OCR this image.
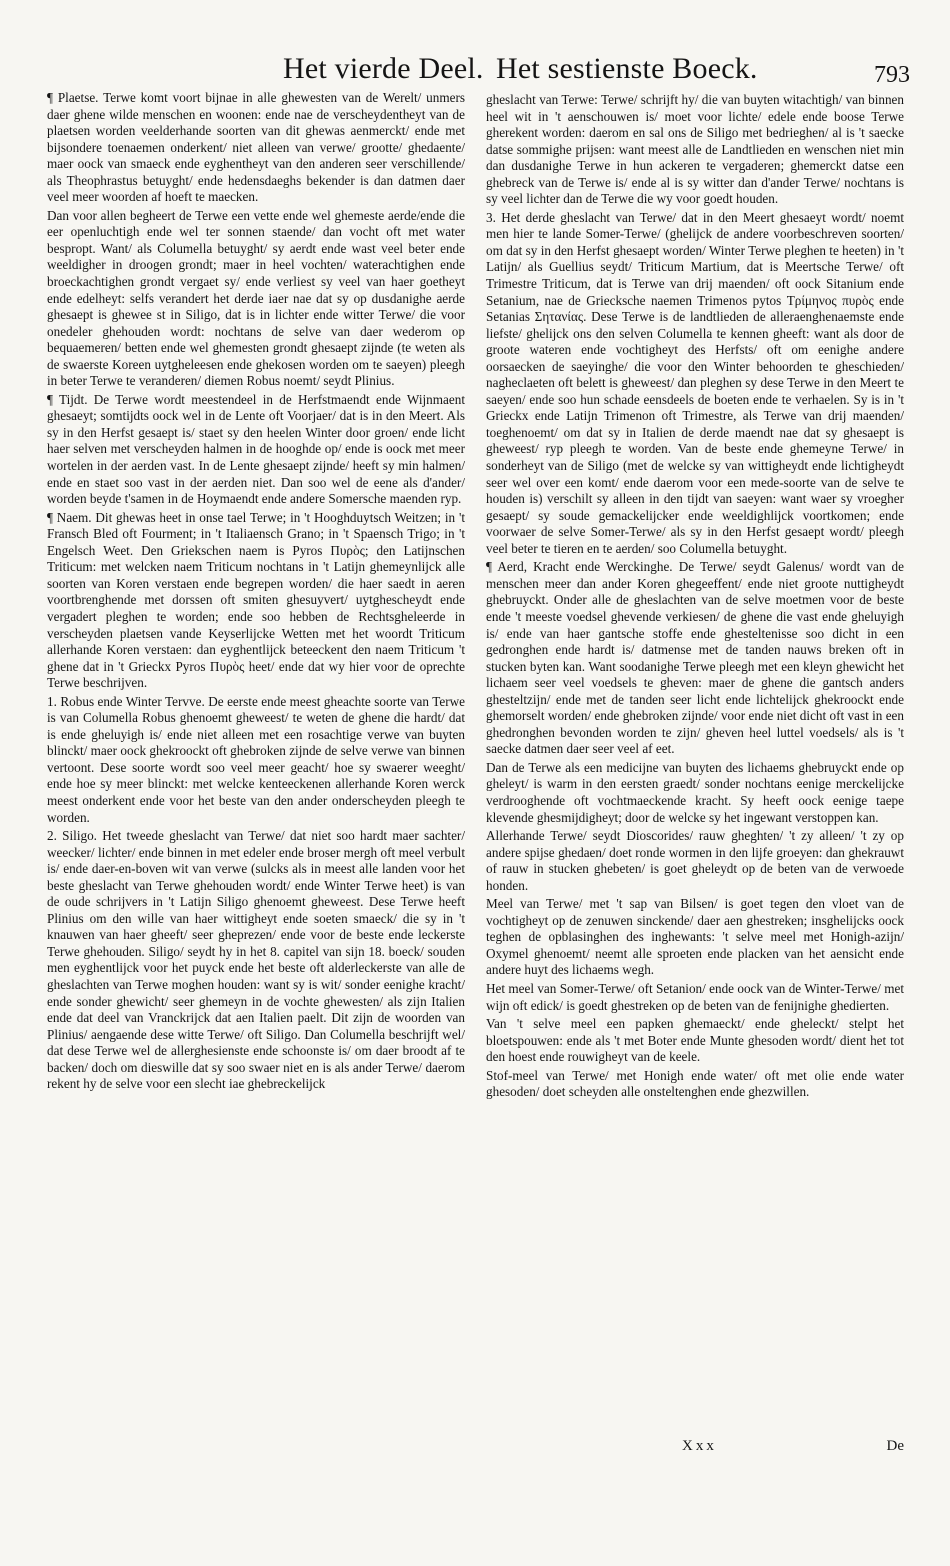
Het vierde Deel. Het sestienste Boeck.	793

¶ Plaetse. Terwe komt voort bijnae in alle ghewesten van de Werelt/ unmers daer ghene wilde menschen en woonen: ende nae de verscheydentheyt van de plaetsen worden veelderhande soorten van dit ghewas aenmerckt/ ende met bijsondere toenaemen onderkent/ niet alleen van verwe/ grootte/ ghedaente/ maer oock van smaeck ende eyghentheyt van den anderen seer verschillende/ als Theophrastus betuyght/ ende hedensdaeghs bekender is dan datmen daer veel meer woorden af hoeft te maecken.

Dan voor allen begheert de Terwe een vette ende wel ghemeste aerde/ende die eer openluchtigh ende wel ter sonnen staende/ dan vocht oft met water bespropt. Want/ als Columella betuyght/ sy aerdt ende wast veel beter ende weeldigher in droogen grondt; maer in heel vochten/ waterachtighen ende broeckachtighen grondt vergaet sy/ ende verliest sy veel van haer goetheyt ende edelheyt: selfs verandert het derde iaer nae dat sy op dusdanighe aerde ghesaept is ghewee st in Siligo, dat is in lichter ende witter Terwe/ die voor onedeler ghehouden wordt: nochtans de selve van daer wederom op bequaemeren/ betten ende wel ghemesten grondt ghesaept zijnde (te weten als de swaerste Koreen uytgheleesen ende ghekosen worden om te saeyen) pleegh in beter Terwe te veranderen/ diemen Robus noemt/ seydt Plinius.

¶ Tijdt. De Terwe wordt meestendeel in de Herfstmaendt ende Wijnmaent ghesaeyt; somtijdts oock wel in de Lente oft Voorjaer/ dat is in den Meert. Als sy in den Herfst gesaept is/ staet sy den heelen Winter door groen/ ende licht haer selven met verscheyden halmen in de hooghde op/ ende is oock met meer wortelen in der aerden vast. In de Lente ghesaept zijnde/ heeft sy min halmen/ ende en staet soo vast in der aerden niet. Dan soo wel de eene als d'ander/ worden beyde t'samen in de Hoymaendt ende andere Somersche maenden ryp.

¶ Naem. Dit ghewas heet in onse tael Terwe; in 't Hooghduytsch Weitzen; in 't Fransch Bled oft Fourment; in 't Italiaensch Grano; in 't Spaensch Trigo; in 't Engelsch Weet. Den Griekschen naem is Pyros Πυρὸς; den Latijnschen Triticum: met welcken naem Triticum nochtans in 't Latijn ghemeynlijck alle soorten van Koren verstaen ende begrepen worden/ die haer saedt in aeren voortbrenghende met dorssen oft smiten ghesuyvert/ uytghescheydt ende vergadert pleghen te worden; ende soo hebben de Rechtsgheleerde in verscheyden plaetsen vande Keyserlijcke Wetten met het woordt Triticum allerhande Koren verstaen: dan eyghentlijck beteeckent den naem Triticum 't ghene dat in 't Grieckx Pyros Πυρὸς heet/ ende dat wy hier voor de oprechte Terwe beschrijven.

1. Robus ende Winter Tervve. De eerste ende meest gheachte soorte van Terwe is van Columella Robus ghenoemt gheweest/ te weten de ghene die hardt/ dat is ende gheluyigh is/ ende niet alleen met een rosachtige verwe van buyten blinckt/ maer oock ghekroockt oft ghebroken zijnde de selve verwe van binnen vertoont. Dese soorte wordt soo veel meer geacht/ hoe sy swaerer weeght/ ende hoe sy meer blinckt: met welcke kenteeckenen allerhande Koren werck meest onderkent ende voor het beste van den ander onderscheyden pleegh te worden.

2. Siligo. Het tweede gheslacht van Terwe/ dat niet soo hardt maer sachter/ weecker/ lichter/ ende binnen in met edeler ende broser mergh oft meel verbult is/ ende daer-en-boven wit van verwe (sulcks als in meest alle landen voor het beste gheslacht van Terwe ghehouden wordt/ ende Winter Terwe heet) is van de oude schrijvers in 't Latijn Siligo ghenoemt gheweest. Dese Terwe heeft Plinius om den wille van haer wittigheyt ende soeten smaeck/ die sy in 't knauwen van haer gheeft/ seer gheprezen/ ende voor de beste ende leckerste Terwe ghehouden. Siligo/ seydt hy in het 8. capitel van sijn 18. boeck/ souden men eyghentlijck voor het puyck ende het beste oft alderleckerste van alle de gheslachten van Terwe moghen houden: want sy is wit/ sonder eenighe kracht/ ende sonder ghewicht/ seer ghemeyn in de vochte ghewesten/ als zijn Italien ende dat deel van Vranckrijck dat aen Italien paelt. Dit zijn de woorden van Plinius/ aengaende dese witte Terwe/ oft Siligo. Dan Columella beschrijft wel/ dat dese Terwe wel de allerghesienste ende schoonste is/ om daer broodt af te backen/ doch om dieswille dat sy soo swaer niet en is als ander Terwe/ daerom rekent hy de selve voor een slecht iae ghebreckelijck

gheslacht van Terwe: Terwe/ schrijft hy/ die van buyten witachtigh/ van binnen heel wit in 't aenschouwen is/ moet voor lichte/ edele ende boose Terwe gherekent worden: daerom en sal ons de Siligo met bedrieghen/ al is 't saecke datse sommighe prijsen: want meest alle de Landtlieden en wenschen niet min dan dusdanighe Terwe in hun ackeren te vergaderen; ghemerckt datse een ghebreck van de Terwe is/ ende al is sy witter dan d'ander Terwe/ nochtans is sy veel lichter dan de Terwe die wy voor goedt houden.

3. Het derde gheslacht van Terwe/ dat in den Meert ghesaeyt wordt/ noemt men hier te lande Somer-Terwe/ (ghelijck de andere voorbeschreven soorten/ om dat sy in den Herfst ghesaept worden/ Winter Terwe pleghen te heeten) in 't Latijn/ als Guellius seydt/ Triticum Martium, dat is Meertsche Terwe/ oft Trimestre Triticum, dat is Terwe van drij maenden/ oft oock Sitanium ende Setanium, nae de Griecksche naemen Trimenos pytos Τρίμηνος πυρὸς ende Setanias Σητανίας. Dese Terwe is de landtlieden de alleraenghenaemste ende liefste/ ghelijck ons den selven Columella te kennen gheeft: want als door de groote wateren ende vochtigheyt des Herfsts/ oft om eenighe andere oorsaecken de saeyinghe/ die voor den Winter behoorden te gheschieden/ nagheclaeten oft belett is gheweest/ dan pleghen sy dese Terwe in den Meert te saeyen/ ende soo hun schade eensdeels de boeten ende te verhaelen. Sy is in 't Grieckx ende Latijn Trimenon oft Trimestre, als Terwe van drij maenden/ toeghenoemt/ om dat sy in Italien de derde maendt nae dat sy ghesaept is gheweest/ ryp pleegh te worden. Van de beste ende ghemeyne Terwe/ in sonderheyt van de Siligo (met de welcke sy van wittigheydt ende lichtigheydt seer wel over een komt/ ende daerom voor een mede-soorte van de selve te houden is) verschilt sy alleen in den tijdt van saeyen: want waer sy vroegher gesaept/ sy soude gemackelijcker ende weeldighlijck voortkomen; ende voorwaer de selve Somer-Terwe/ als sy in den Herfst gesaept wordt/ pleegh veel beter te tieren en te aerden/ soo Columella betuyght.

¶ Aerd, Kracht ende Werckinghe. De Terwe/ seydt Galenus/ wordt van de menschen meer dan ander Koren ghegeeffent/ ende niet groote nuttigheydt ghebruyckt. Onder alle de gheslachten van de selve moetmen voor de beste ende 't meeste voedsel ghevende verkiesen/ de ghene die vast ende gheluyigh is/ ende van haer gantsche stoffe ende ghesteltenisse soo dicht in een gedronghen ende hardt is/ datmense met de tanden nauws breken oft in stucken byten kan. Want soodanighe Terwe pleegh met een kleyn ghewicht het lichaem seer veel voedsels te gheven: maer de ghene die gantsch anders ghesteltzijn/ ende met de tanden seer licht ende lichtelijck ghekroockt ende ghemorselt worden/ ende ghebroken zijnde/ voor ende niet dicht oft vast in een ghedronghen bevonden worden te zijn/ gheven heel luttel voedsels/ als is 't saecke datmen daer seer veel af eet.

Dan de Terwe als een medicijne van buyten des lichaems ghebruyckt ende op gheleyt/ is warm in den eersten graedt/ sonder nochtans eenige merckelijcke verdrooghende oft vochtmaeckende kracht. Sy heeft oock eenige taepe klevende ghesmijdigheyt; door de welcke sy het ingewant verstoppen kan.

Allerhande Terwe/ seydt Dioscorides/ rauw gheghten/ 't zy alleen/ 't zy op andere spijse ghedaen/ doet ronde wormen in den lijfe groeyen: dan ghekrauwt of rauw in stucken ghebeten/ is goet gheleydt op de beten van de verwoede honden.

Meel van Terwe/ met 't sap van Bilsen/ is goet tegen den vloet van de vochtigheyt op de zenuwen sinckende/ daer aen ghestreken; insghelijcks oock teghen de opblasinghen des inghewants: 't selve meel met Honigh-azijn/ Oxymel ghenoemt/ neemt alle sproeten ende placken van het aensicht ende andere huyt des lichaems wegh.

Het meel van Somer-Terwe/ oft Setanion/ ende oock van de Winter-Terwe/ met wijn oft edick/ is goedt ghestreken op de beten van de fenijnighe ghedierten.

Van 't selve meel een papken ghemaeckt/ ende gheleckt/ stelpt het bloetspouwen: ende als 't met Boter ende Munte ghesoden wordt/ dient het tot den hoest ende rouwigheyt van de keele.

Stof-meel van Terwe/ met Honigh ende water/ oft met olie ende water ghesoden/ doet scheyden alle onsteltenghen ende ghezwillen.

Xxx	De
